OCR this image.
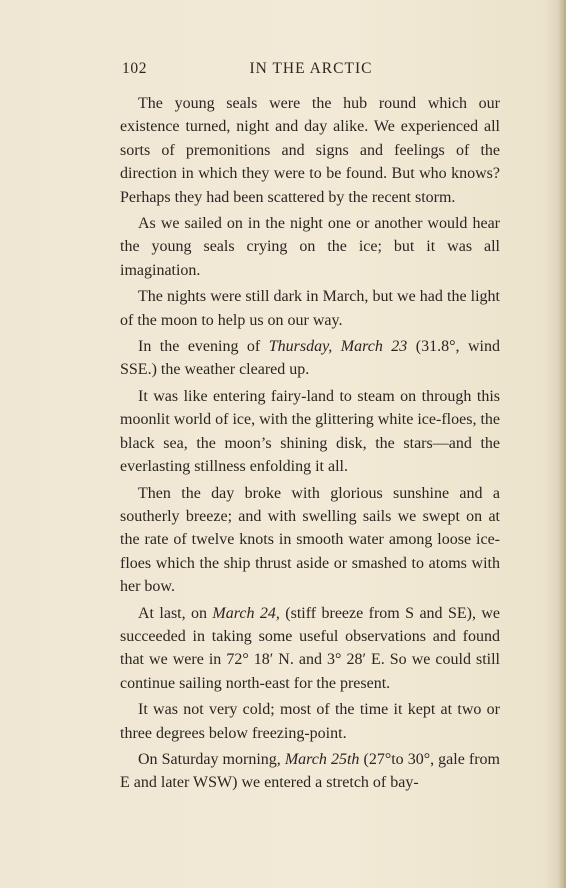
102	IN THE ARCTIC

The young seals were the hub round which our existence turned, night and day alike. We experienced all sorts of premonitions and signs and feelings of the direction in which they were to be found. But who knows? Perhaps they had been scattered by the recent storm.

As we sailed on in the night one or another would hear the young seals crying on the ice; but it was all imagination.

The nights were still dark in March, but we had the light of the moon to help us on our way.

In the evening of Thursday, March 23 (31.8°, wind SSE.) the weather cleared up.

It was like entering fairy-land to steam on through this moonlit world of ice, with the glittering white ice-floes, the black sea, the moon’s shining disk, the stars—and the everlasting stillness enfolding it all.

Then the day broke with glorious sunshine and a southerly breeze; and with swelling sails we swept on at the rate of twelve knots in smooth water among loose ice-floes which the ship thrust aside or smashed to atoms with her bow.

At last, on March 24, (stiff breeze from S and SE), we succeeded in taking some useful observations and found that we were in 72° 18′ N. and 3° 28′ E. So we could still continue sailing north-east for the present.

It was not very cold; most of the time it kept at two or three degrees below freezing-point.

On Saturday morning, March 25th (27°to 30°, gale from E and later WSW) we entered a stretch of bay-
